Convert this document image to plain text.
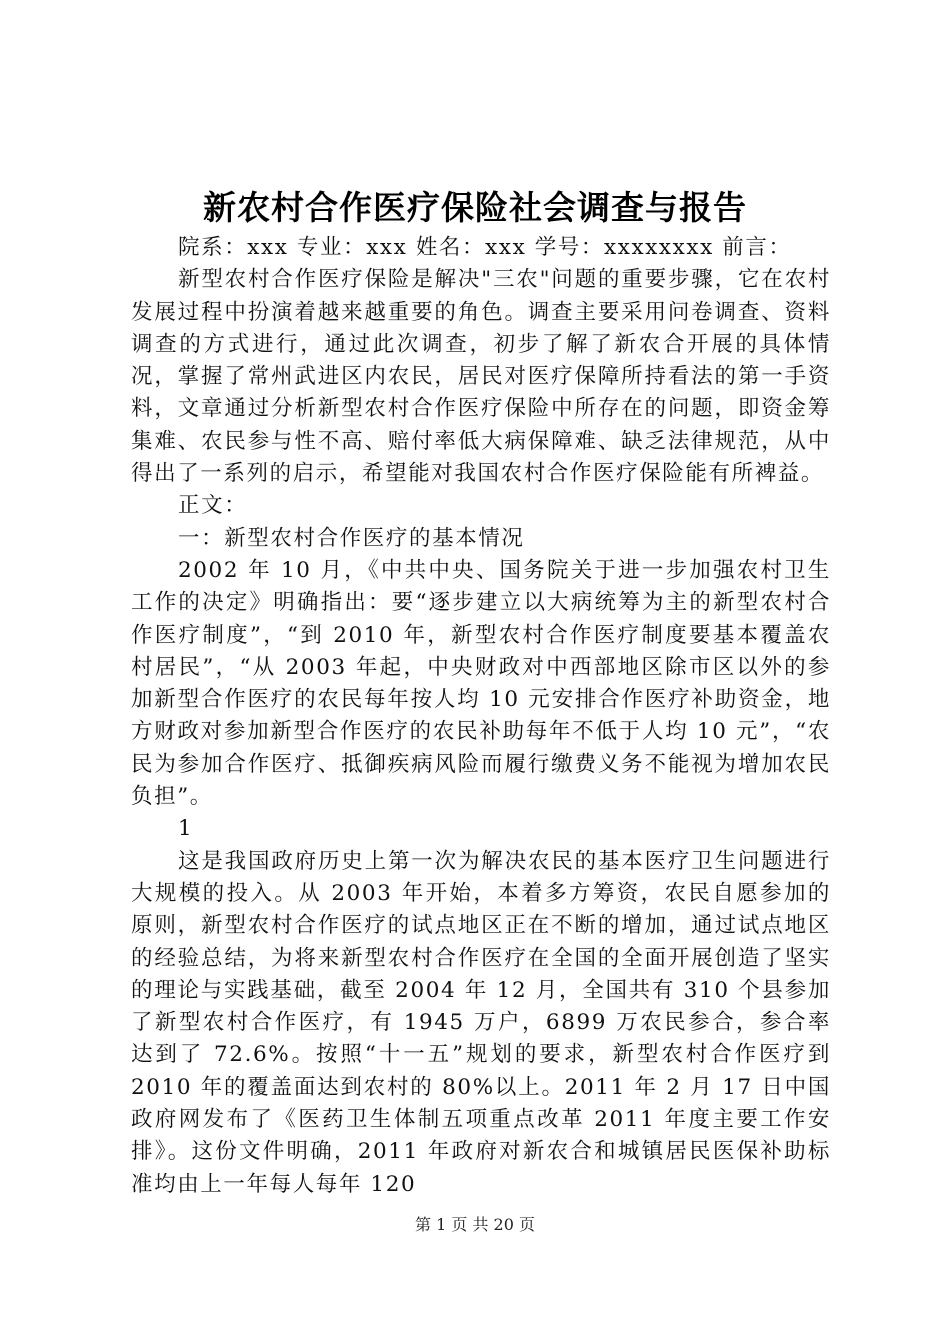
新农村合作医疗保险社会调查与报告

院系：xxx 专业：xxx 姓名：xxx 学号：xxxxxxxx 前言：

新型农村合作医疗保险是解决"三农"问题的重要步骤，它在农村发展过程中扮演着越来越重要的角色。调查主要采用问卷调查、资料调查的方式进行，通过此次调查，初步了解了新农合开展的具体情况，掌握了常州武进区内农民，居民对医疗保障所持看法的第一手资料，文章通过分析新型农村合作医疗保险中所存在的问题，即资金筹集难、农民参与性不高、赔付率低大病保障难、缺乏法律规范，从中得出了一系列的启示，希望能对我国农村合作医疗保险能有所裨益。

正文：

一：新型农村合作医疗的基本情况

2002 年 10 月，《中共中央、国务院关于进一步加强农村卫生工作的决定》明确指出：要“逐步建立以大病统筹为主的新型农村合作医疗制度”，“到 2010 年，新型农村合作医疗制度要基本覆盖农村居民”，“从 2003 年起，中央财政对中西部地区除市区以外的参加新型合作医疗的农民每年按人均 10 元安排合作医疗补助资金，地方财政对参加新型合作医疗的农民补助每年不低于人均 10 元”，“农民为参加合作医疗、抵御疾病风险而履行缴费义务不能视为增加农民负担”。

1

这是我国政府历史上第一次为解决农民的基本医疗卫生问题进行大规模的投入。从 2003 年开始，本着多方筹资，农民自愿参加的原则，新型农村合作医疗的试点地区正在不断的增加，通过试点地区的经验总结，为将来新型农村合作医疗在全国的全面开展创造了坚实的理论与实践基础，截至 2004 年 12 月，全国共有 310 个县参加了新型农村合作医疗，有 1945 万户，6899 万农民参合，参合率达到了 72.6%。按照“十一五”规划的要求，新型农村合作医疗到 2010 年的覆盖面达到农村的 80%以上。2011 年 2 月 17 日中国政府网发布了《医药卫生体制五项重点改革 2011 年度主要工作安排》。这份文件明确，2011 年政府对新农合和城镇居民医保补助标准均由上一年每人每年 120

第 1 页 共 20 页
